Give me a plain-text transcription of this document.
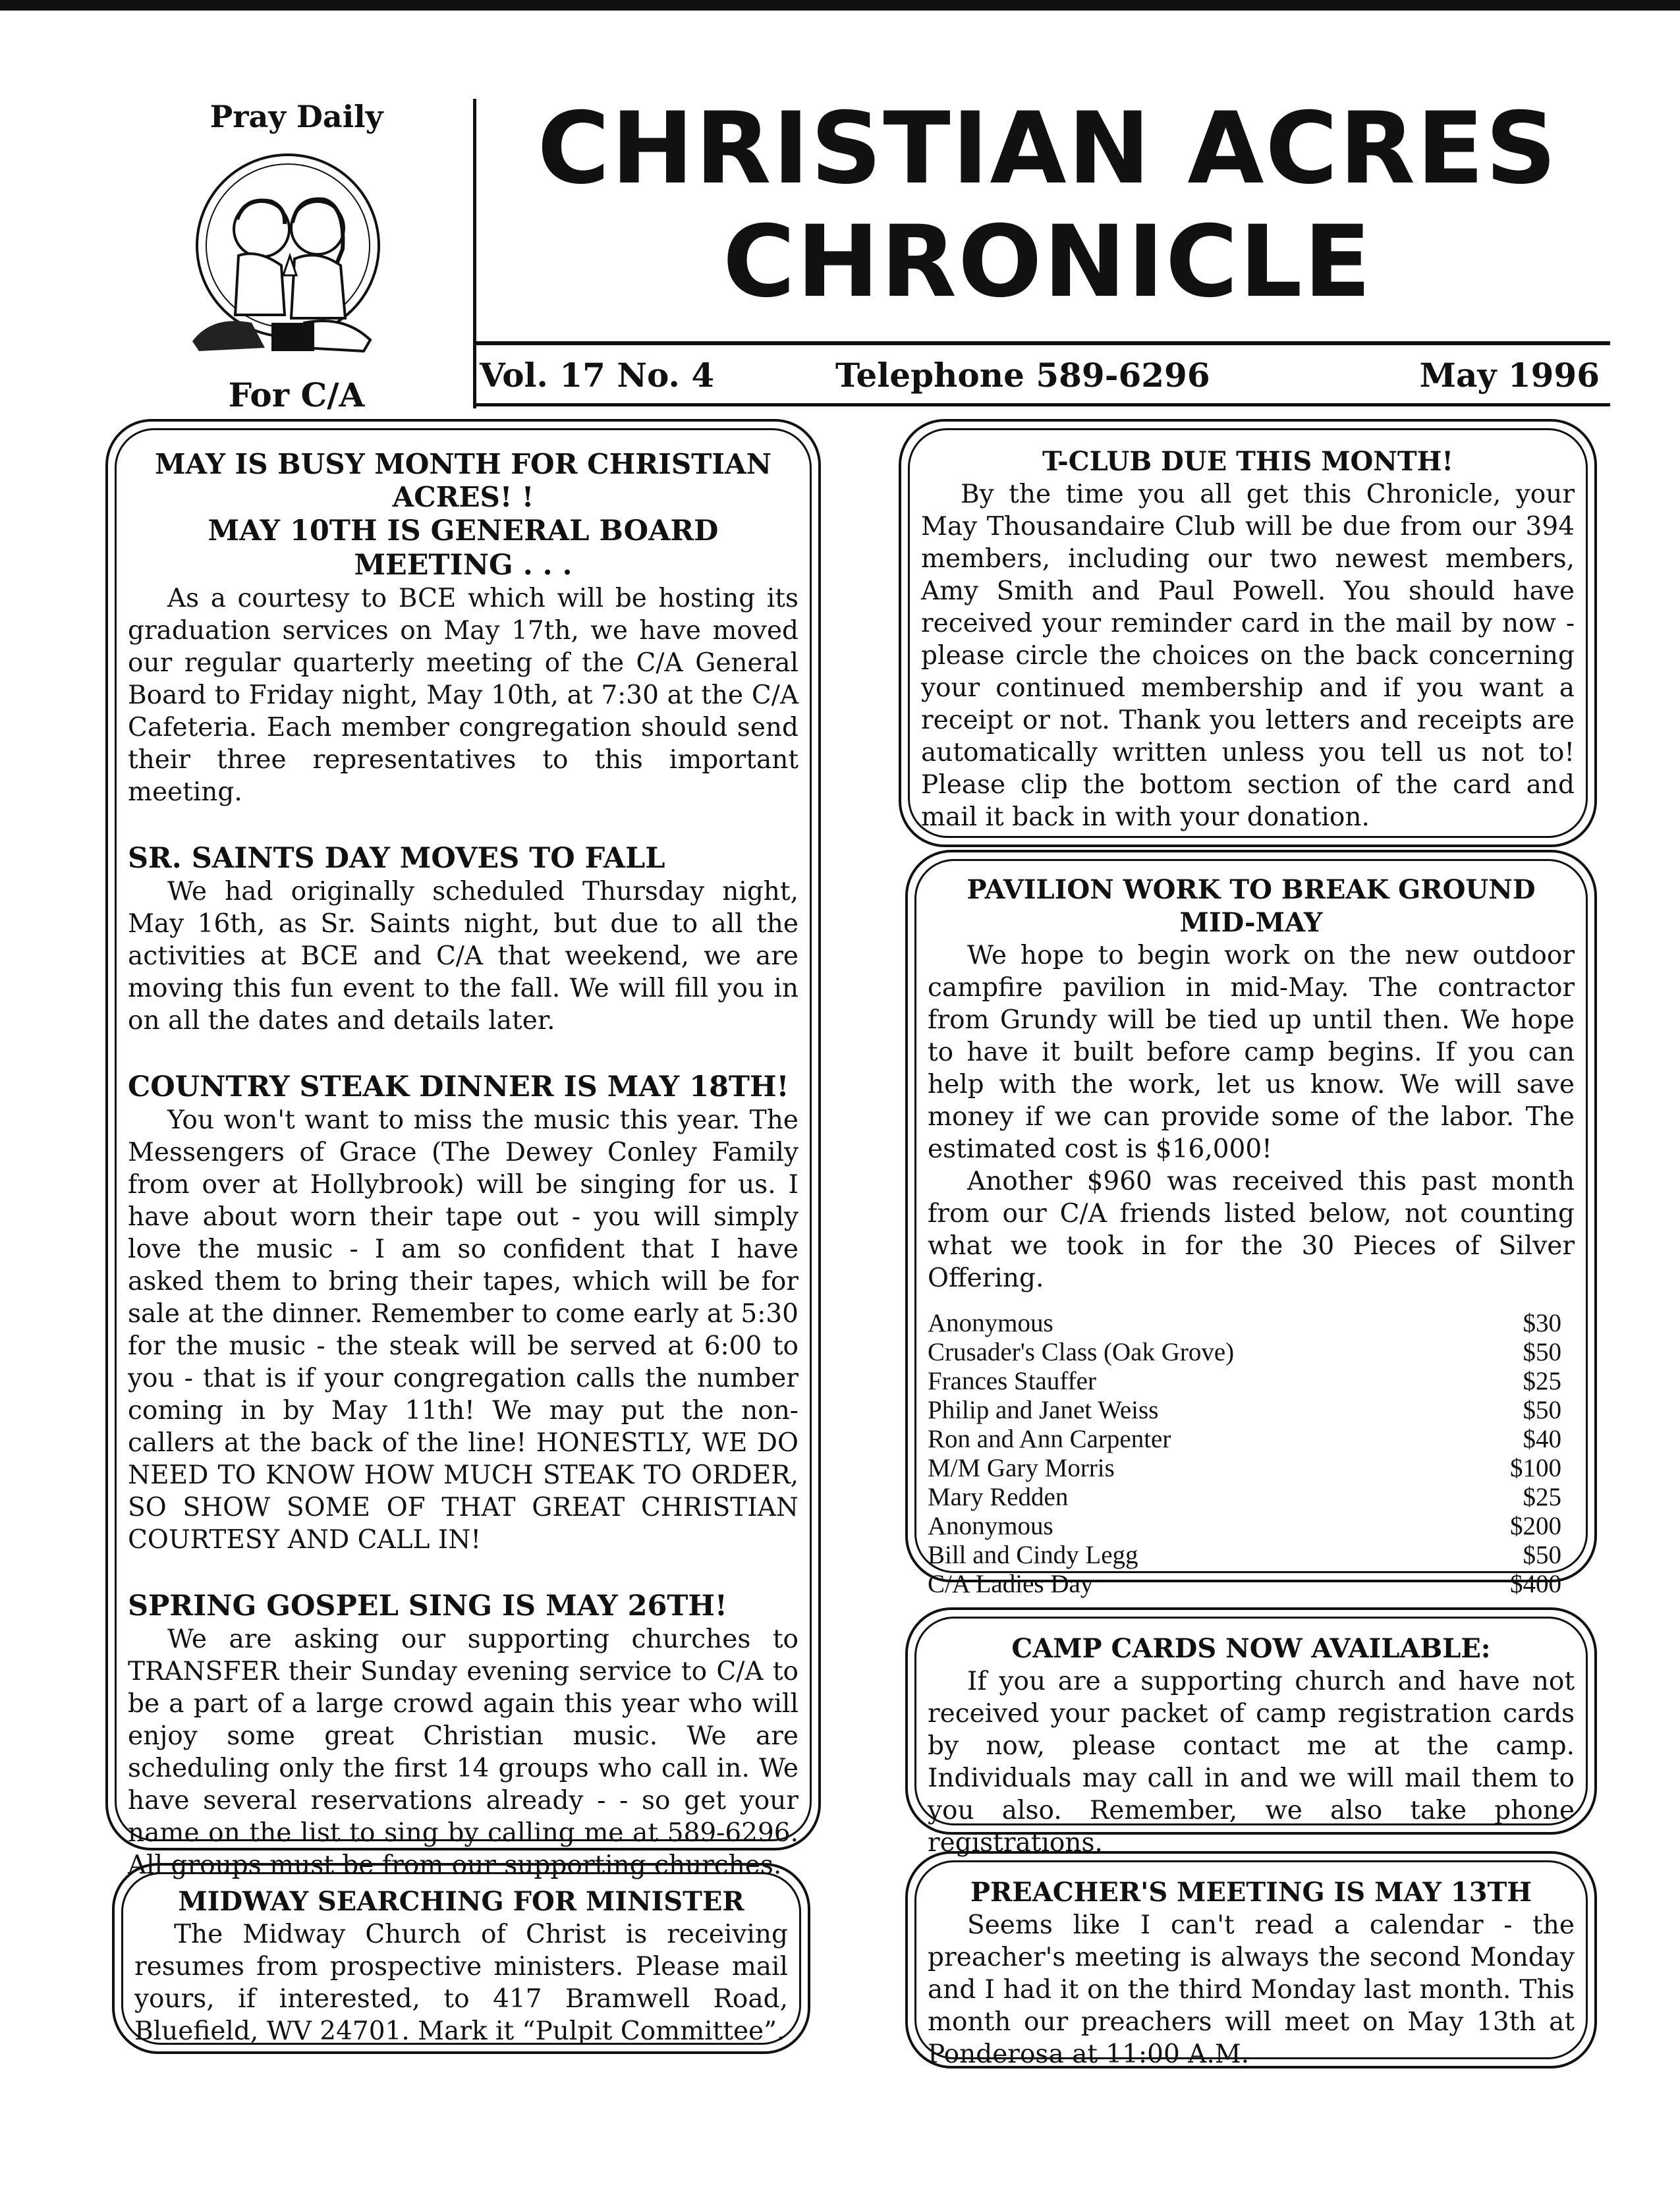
Pray Daily
For C/A
CHRISTIAN ACRES
CHRONICLE
Vol. 17 No. 4	Telephone 589-6296	May 1996

MAY IS BUSY MONTH FOR CHRISTIAN ACRES! !

MAY 10TH IS GENERAL BOARD MEETING . . .

As a courtesy to BCE which will be hosting its graduation services on May 17th, we have moved our regular quarterly meeting of the C/A General Board to Friday night, May 10th, at 7:30 at the C/A Cafeteria. Each member congregation should send their three representatives to this important meeting.

SR. SAINTS DAY MOVES TO FALL

We had originally scheduled Thursday night, May 16th, as Sr. Saints night, but due to all the activities at BCE and C/A that weekend, we are moving this fun event to the fall. We will fill you in on all the dates and details later.

COUNTRY STEAK DINNER IS MAY 18TH!

You won't want to miss the music this year. The Messengers of Grace (The Dewey Conley Family from over at Hollybrook) will be singing for us. I have about worn their tape out - you will simply love the music - I am so confident that I have asked them to bring their tapes, which will be for sale at the dinner. Remember to come early at 5:30 for the music - the steak will be served at 6:00 to you - that is if your congregation calls the number coming in by May 11th! We may put the non-callers at the back of the line! HONESTLY, WE DO NEED TO KNOW HOW MUCH STEAK TO ORDER, SO SHOW SOME OF THAT GREAT CHRISTIAN COURTESY AND CALL IN!

SPRING GOSPEL SING IS MAY 26TH!

We are asking our supporting churches to TRANSFER their Sunday evening service to C/A to be a part of a large crowd again this year who will enjoy some great Christian music. We are scheduling only the first 14 groups who call in. We have several reservations already - - so get your name on the list to sing by calling me at 589-6296. All groups must be from our supporting churches.

MIDWAY SEARCHING FOR MINISTER

The Midway Church of Christ is receiving resumes from prospective ministers. Please mail yours, if interested, to 417 Bramwell Road, Bluefield, WV 24701. Mark it “Pulpit Committee”.

T-CLUB DUE THIS MONTH!

By the time you all get this Chronicle, your May Thousandaire Club will be due from our 394 members, including our two newest members, Amy Smith and Paul Powell. You should have received your reminder card in the mail by now - please circle the choices on the back concerning your continued membership and if you want a receipt or not. Thank you letters and receipts are automatically written unless you tell us not to! Please clip the bottom section of the card and mail it back in with your donation.

PAVILION WORK TO BREAK GROUND MID-MAY

We hope to begin work on the new outdoor campfire pavilion in mid-May. The contractor from Grundy will be tied up until then. We hope to have it built before camp begins. If you can help with the work, let us know. We will save money if we can provide some of the labor. The estimated cost is $16,000!

Another $960 was received this past month from our C/A friends listed below, not counting what we took in for the 30 Pieces of Silver Offering.

Anonymous	$30
Crusader's Class (Oak Grove)	$50
Frances Stauffer	$25
Philip and Janet Weiss	$50
Ron and Ann Carpenter	$40
M/M Gary Morris	$100
Mary Redden	$25
Anonymous	$200
Bill and Cindy Legg	$50
C/A Ladies Day	$400

CAMP CARDS NOW AVAILABLE:

If you are a supporting church and have not received your packet of camp registration cards by now, please contact me at the camp. Individuals may call in and we will mail them to you also. Remember, we also take phone registrations.

PREACHER'S MEETING IS MAY 13TH

Seems like I can't read a calendar - the preacher's meeting is always the second Monday and I had it on the third Monday last month. This month our preachers will meet on May 13th at Ponderosa at 11:00 A.M.
